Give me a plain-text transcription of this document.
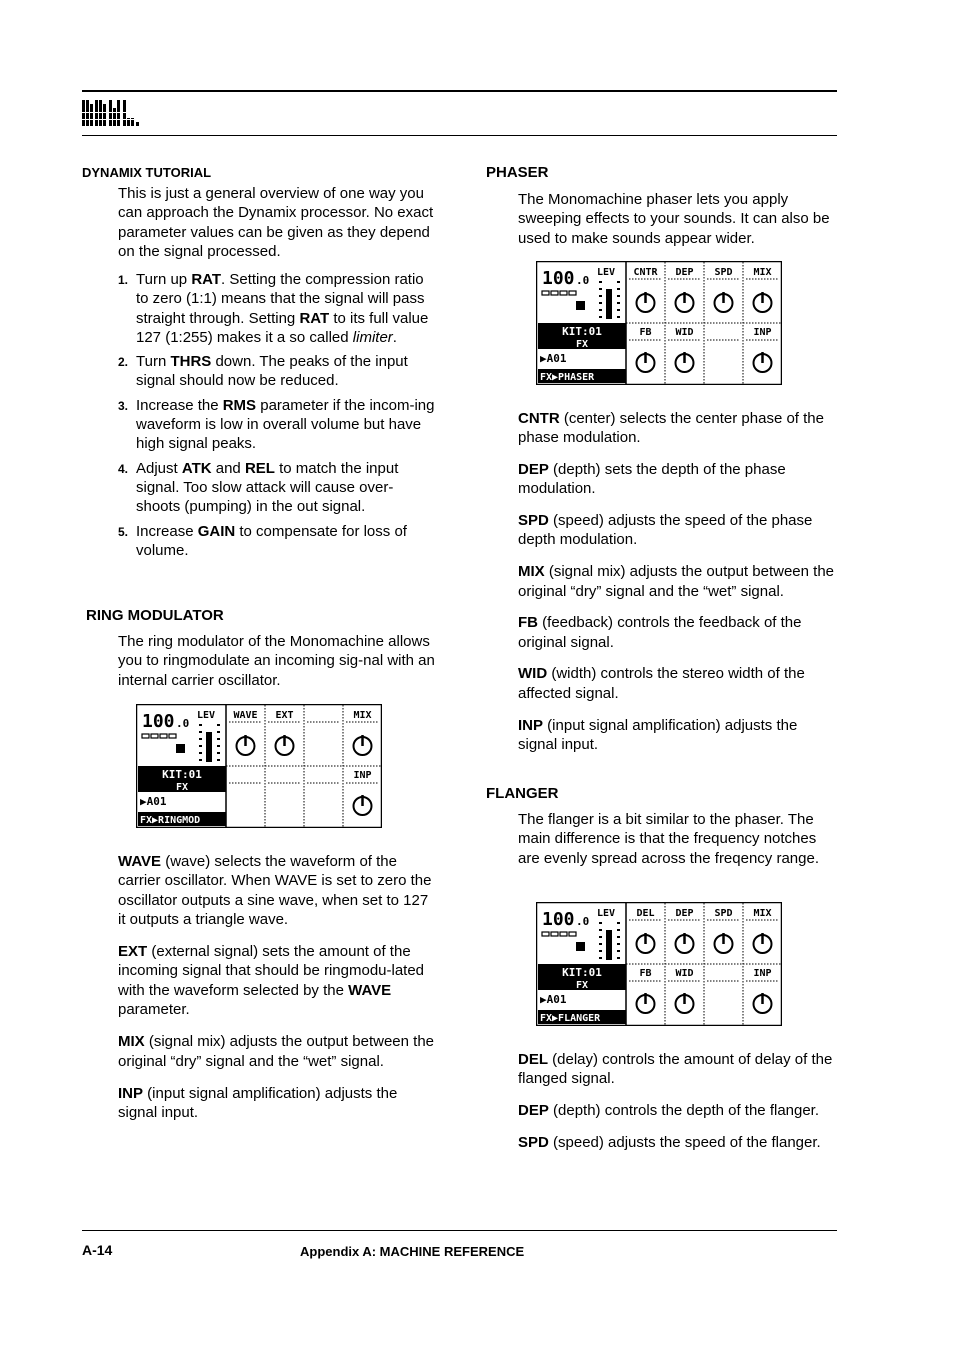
DYNAMIX TUTORIAL

This is just a general overview of one way you can approach the Dynamix processor. No exact parameter values can be given as they depend on the signal processed.

1. Turn up RAT. Setting the compression ratio to zero (1:1) means that the signal will pass straight through. Setting RAT to its full value 127 (1:255) makes it a so called limiter.
2. Turn THRS down. The peaks of the input signal should now be reduced.
3. Increase the RMS parameter if the incom-ing waveform is low in overall volume but have high signal peaks.
4. Adjust ATK and REL to match the input signal. Too slow attack will cause over-shoots (pumping) in the out signal.
5. Increase GAIN to compensate for loss of volume.
RING MODULATOR

The ring modulator of the Monomachine allows you to ringmodulate an incoming sig-nal with an internal carrier oscillator.

100 .0
KIT:01
FX
▶A01
FX▶RINGMOD
LEV WAVE EXT	MIX
INP

WAVE (wave) selects the waveform of the carrier oscillator. When WAVE is set to zero the oscillator outputs a sine wave, when set to 127 it outputs a triangle wave.

EXT (external signal) sets the amount of the incoming signal that should be ringmodu-lated with the waveform selected by the WAVE parameter.

MIX (signal mix) adjusts the output between the original “dry” signal and the “wet” signal.

INP (input signal amplification) adjusts the signal input.

PHASER

The Monomachine phaser lets you apply sweeping effects to your sounds. It can also be used to make sounds appear wider.

100 .0
KIT:01
FX
▶A01
FX▶PHASER
LEV CNTR DEP SPD MIX
FB WID	INP

CNTR (center) selects the center phase of the phase modulation.

DEP (depth) sets the depth of the phase modulation.

SPD (speed) adjusts the speed of the phase depth modulation.

MIX (signal mix) adjusts the output between the original “dry” signal and the “wet” signal.

FB (feedback) controls the feedback of the original signal.

WID (width) controls the stereo width of the affected signal.

INP (input signal amplification) adjusts the signal input.

FLANGER

The flanger is a bit similar to the phaser. The main difference is that the frequency notches are evenly spread across the freqency range.

100 .0
KIT:01
FX
▶A01
FX▶FLANGER
LEV DEL DEP SPD MIX
FB WID	INP

DEL (delay) controls the amount of delay of the flanged signal.

DEP (depth) controls the depth of the flanger.

SPD (speed) adjusts the speed of the flanger.

A-14	Appendix A: MACHINE REFERENCE
